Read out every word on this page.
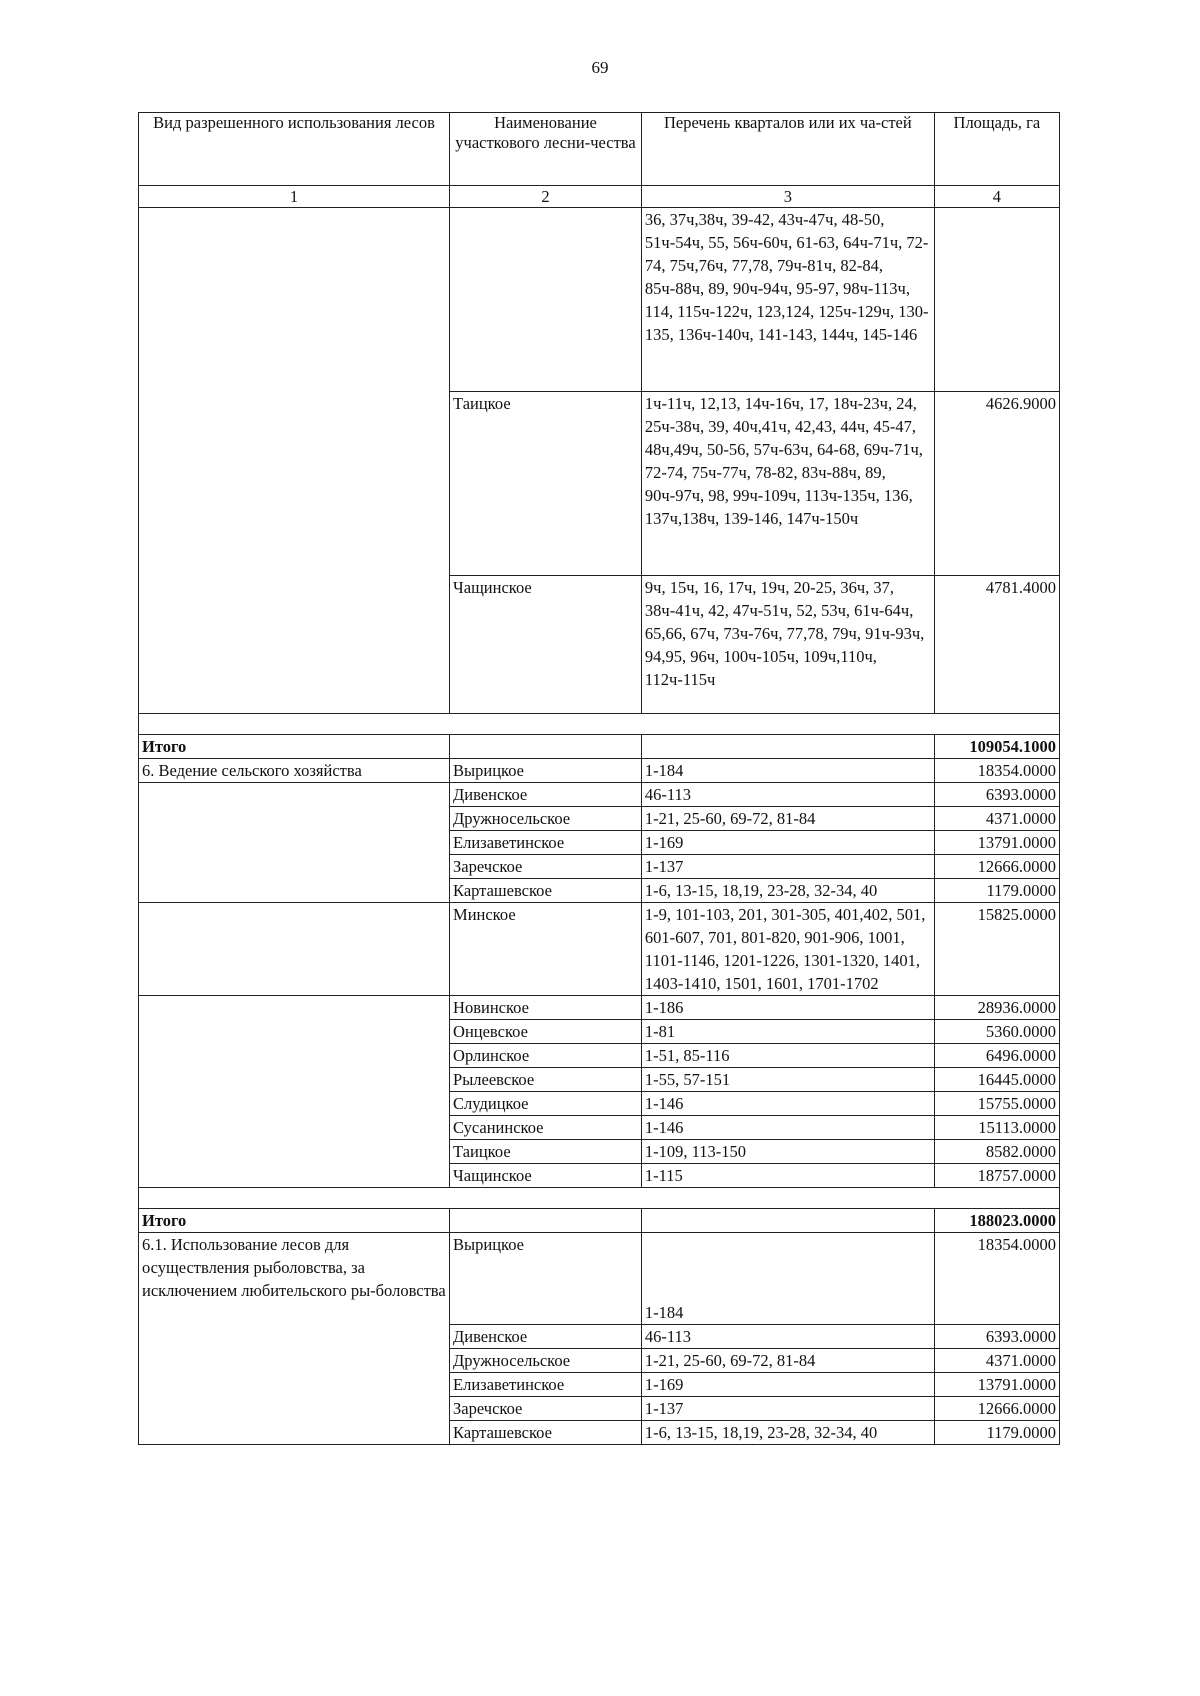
69
Вид разрешенного использования лесов	Наименование участкового лесни-чества	Перечень кварталов или их ча-стей	Площадь, га
1	2	3	4
		36, 37ч,38ч, 39-42, 43ч-47ч, 48-50, 51ч-54ч, 55, 56ч-60ч, 61-63, 64ч-71ч, 72-74, 75ч,76ч, 77,78, 79ч-81ч, 82-84, 85ч-88ч, 89, 90ч-94ч, 95-97, 98ч-113ч, 114, 115ч-122ч, 123,124, 125ч-129ч, 130-135, 136ч-140ч, 141-143, 144ч, 145-146	
	Таицкое	1ч-11ч, 12,13, 14ч-16ч, 17, 18ч-23ч, 24, 25ч-38ч, 39, 40ч,41ч, 42,43, 44ч, 45-47, 48ч,49ч, 50-56, 57ч-63ч, 64-68, 69ч-71ч, 72-74, 75ч-77ч, 78-82, 83ч-88ч, 89, 90ч-97ч, 98, 99ч-109ч, 113ч-135ч, 136, 137ч,138ч, 139-146, 147ч-150ч	4626.9000
	Чащинское	9ч, 15ч, 16, 17ч, 19ч, 20-25, 36ч, 37, 38ч-41ч, 42, 47ч-51ч, 52, 53ч, 61ч-64ч, 65,66, 67ч, 73ч-76ч, 77,78, 79ч, 91ч-93ч, 94,95, 96ч, 100ч-105ч, 109ч,110ч, 112ч-115ч	4781.4000

Итого			109054.1000
6. Ведение сельского хозяйства	Вырицкое	1-184	18354.0000
	Дивенское	46-113	6393.0000
	Дружносельское	1-21, 25-60, 69-72, 81-84	4371.0000
	Елизаветинское	1-169	13791.0000
	Заречское	1-137	12666.0000
	Карташевское	1-6, 13-15, 18,19, 23-28, 32-34, 40	1179.0000
	Минское	1-9, 101-103, 201, 301-305, 401,402, 501, 601-607, 701, 801-820, 901-906, 1001, 1101-1146, 1201-1226, 1301-1320, 1401, 1403-1410, 1501, 1601, 1701-1702	15825.0000
	Новинское	1-186	28936.0000
	Онцевское	1-81	5360.0000
	Орлинское	1-51, 85-116	6496.0000
	Рылеевское	1-55, 57-151	16445.0000
	Слудицкое	1-146	15755.0000
	Сусанинское	1-146	15113.0000
	Таицкое	1-109, 113-150	8582.0000
	Чащинское	1-115	18757.0000

Итого			188023.0000
6.1. Использование лесов для осуществления рыболовства, за исключением любительского ры-боловства	Вырицкое	1-184	18354.0000
	Дивенское	46-113	6393.0000
	Дружносельское	1-21, 25-60, 69-72, 81-84	4371.0000
	Елизаветинское	1-169	13791.0000
	Заречское	1-137	12666.0000
	Карташевское	1-6, 13-15, 18,19, 23-28, 32-34, 40	1179.0000
